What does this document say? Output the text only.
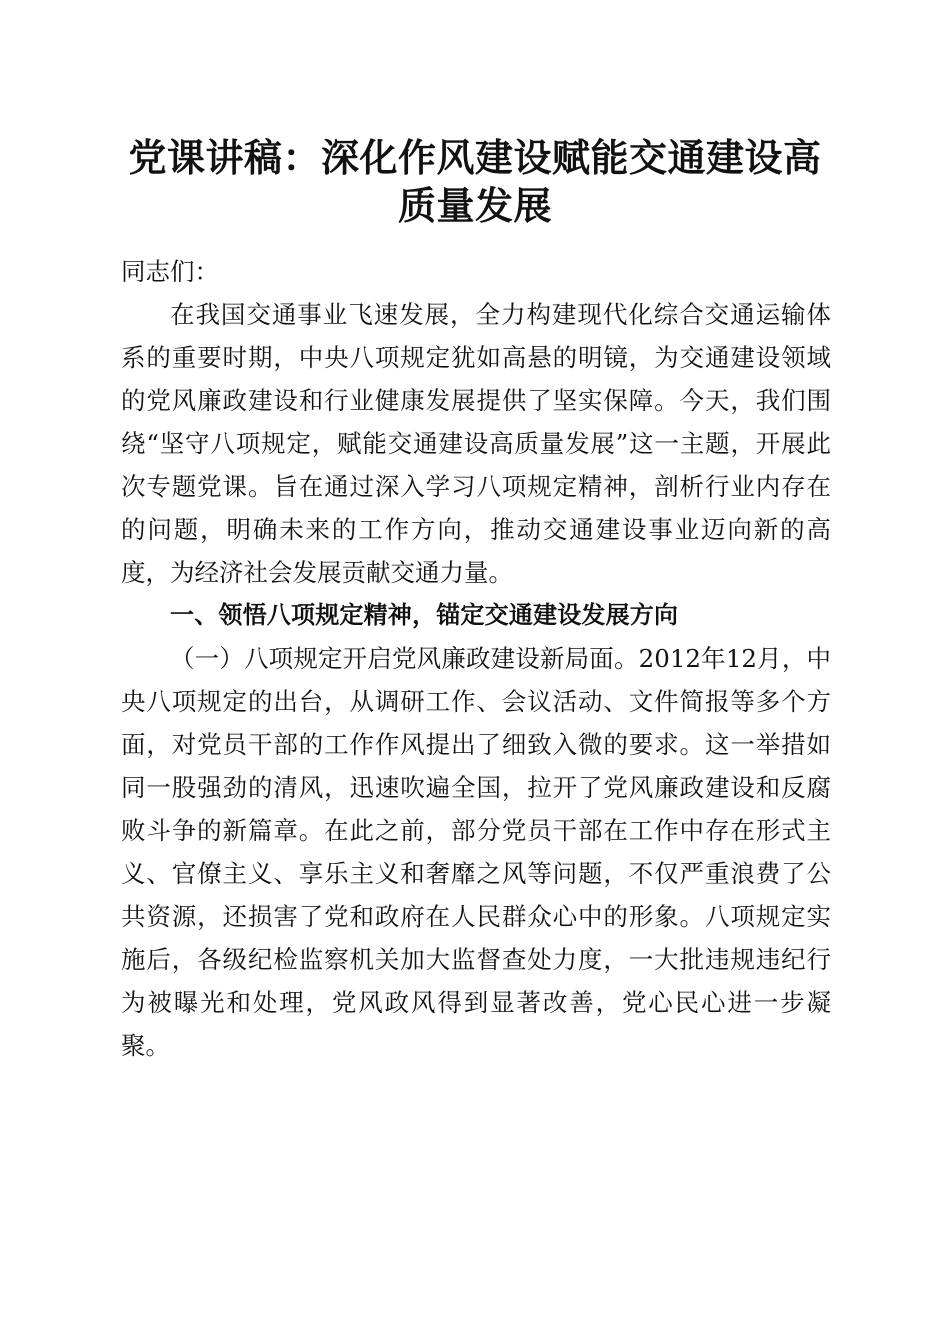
党课讲稿：深化作风建设赋能交通建设高质量发展

同志们：

在我国交通事业飞速发展，全力构建现代化综合交通运输体系的重要时期，中央八项规定犹如高悬的明镜，为交通建设领域的党风廉政建设和行业健康发展提供了坚实保障。今天，我们围绕“坚守八项规定，赋能交通建设高质量发展”这一主题，开展此次专题党课。旨在通过深入学习八项规定精神，剖析行业内存在的问题，明确未来的工作方向，推动交通建设事业迈向新的高度，为经济社会发展贡献交通力量。

一、领悟八项规定精神，锚定交通建设发展方向

（一）八项规定开启党风廉政建设新局面。2012年12月，中央八项规定的出台，从调研工作、会议活动、文件简报等多个方面，对党员干部的工作作风提出了细致入微的要求。这一举措如同一股强劲的清风，迅速吹遍全国，拉开了党风廉政建设和反腐败斗争的新篇章。在此之前，部分党员干部在工作中存在形式主义、官僚主义、享乐主义和奢靡之风等问题，不仅严重浪费了公共资源，还损害了党和政府在人民群众心中的形象。八项规定实施后，各级纪检监察机关加大监督查处力度，一大批违规违纪行为被曝光和处理，党风政风得到显著改善，党心民心进一步凝聚。
